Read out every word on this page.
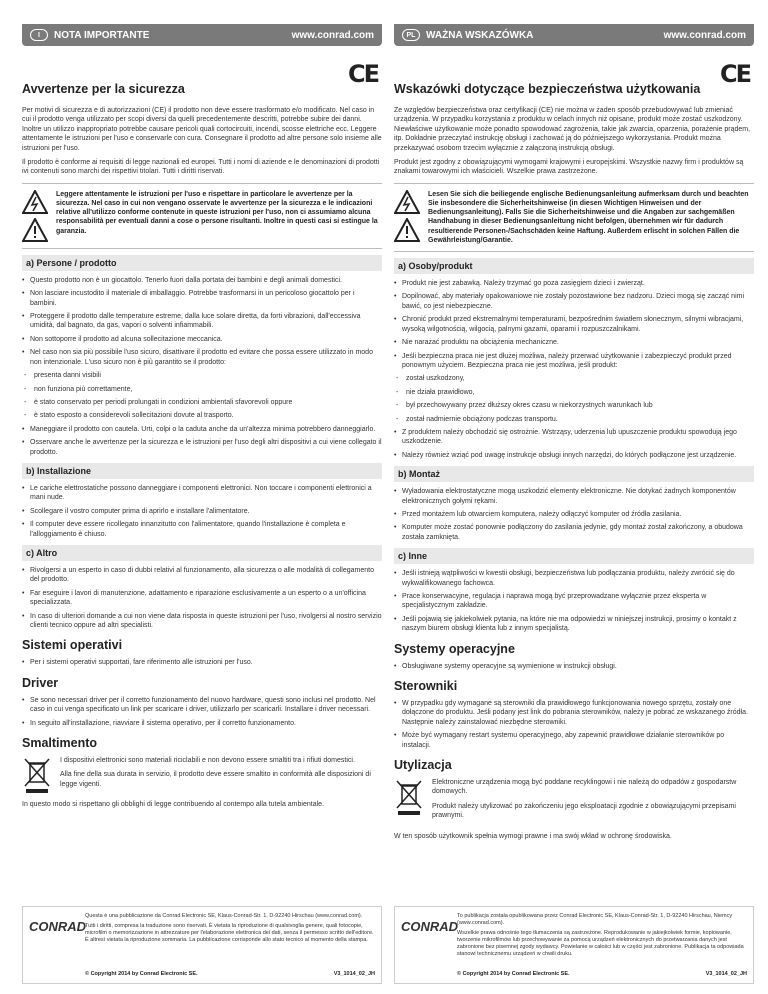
I	NOTA IMPORTANTE	www.conrad.com
CE
Avvertenze per la sicurezza

Per motivi di sicurezza e di autorizzazioni (CE) il prodotto non deve essere trasformato e/o modificato. Nel caso in cui il prodotto venga utilizzato per scopi diversi da quelli precedentemente descritti, potrebbe subire dei danni. Inoltre un utilizzo inappropriato potrebbe causare pericoli quali cortocircuiti, incendi, scosse elettriche ecc. Leggere attentamente le istruzioni per l'uso e conservarle con cura. Consegnare il prodotto ad altre persone solo insieme alle istruzioni per l'uso.

Il prodotto è conforme ai requisiti di legge nazionali ed europei. Tutti i nomi di aziende e le denominazioni di prodotti ivi contenuti sono marchi dei rispettivi titolari. Tutti i diritti riservati.

Leggere attentamente le istruzioni per l'uso e rispettare in particolare le avvertenze per la sicurezza. Nel caso in cui non vengano osservate le avvertenze per la sicurezza e le indicazioni relative all'utilizzo conforme contenute in queste istruzioni per l'uso, non ci assumiamo alcuna responsabilità per eventuali danni a cose o persone risultanti. Inoltre in questi casi si estingue la garanzia.

a) Persone / prodotto
• Questo prodotto non è un giocattolo. Tenerlo fuori dalla portata dei bambini e degli animali domestici.
• Non lasciare incustodito il materiale di imballaggio. Potrebbe trasformarsi in un pericoloso giocattolo per i bambini.
• Proteggere il prodotto dalle temperature estreme, dalla luce solare diretta, da forti vibrazioni, dall'eccessiva umidità, dal bagnato, da gas, vapori o solventi infiammabili.
• Non sottoporre il prodotto ad alcuna sollecitazione meccanica.
• Nel caso non sia più possibile l'uso sicuro, disattivare il prodotto ed evitare che possa essere utilizzato in modo non intenzionale. L'uso sicuro non è più garantito se il prodotto:
- presenta danni visibili
- non funziona più correttamente,
- è stato conservato per periodi prolungati in condizioni ambientali sfavorevoli oppure
- è stato esposto a considerevoli sollecitazioni dovute al trasporto.
• Maneggiare il prodotto con cautela. Urti, colpi o la caduta anche da un'altezza minima potrebbero danneggiarlo.
• Osservare anche le avvertenze per la sicurezza e le istruzioni per l'uso degli altri dispositivi a cui viene collegato il prodotto.
b) Installazione
• Le cariche elettrostatiche possono danneggiare i componenti elettronici. Non toccare i componenti elettronici a mani nude.
• Scollegare il vostro computer prima di aprirlo e installare l'alimentatore.
• Il computer deve essere ricollegato innanzitutto con l'alimentatore, quando l'installazione è completa e l'alloggiamento è chiuso.
c) Altro
• Rivolgersi a un esperto in caso di dubbi relativi al funzionamento, alla sicurezza o alle modalità di collegamento del prodotto.
• Far eseguire i lavori di manutenzione, adattamento e riparazione esclusivamente a un esperto o a un'officina specializzata.
• In caso di ulteriori domande a cui non viene data risposta in queste istruzioni per l'uso, rivolgersi al nostro servizio clienti tecnico oppure ad altri specialisti.
Sistemi operativi
• Per i sistemi operativi supportati, fare riferimento alle istruzioni per l'uso.
Driver
• Se sono necessari driver per il corretto funzionamento del nuovo hardware, questi sono inclusi nel prodotto. Nel caso in cui venga specificato un link per scaricare i driver, utilizzarlo per scaricarli. Installare i driver necessari.
• In seguito all'installazione, riavviare il sistema operativo, per il corretto funzionamento.
Smaltimento

I dispositivi elettronici sono materiali riciclabili e non devono essere smaltiti tra i rifiuti domestici.

Alla fine della sua durata in servizio, il prodotto deve essere smaltito in conformità alle disposizioni di legge vigenti.

In questo modo si rispettano gli obblighi di legge contribuendo al contempo alla tutela ambientale.

CONRAD

Questa è una pubblicazione da Conrad Electronic SE, Klaus-Conrad-Str. 1, D-92240 Hirschau (www.conrad.com).

Tutti i diritti, compresa la traduzione sono riservati. È vietata la riproduzione di qualsivoglia genere, quali fotocopie, microfilm o memorizzazione in attrezzature per l'elaborazione elettronica dei dati, senza il permesso scritto dell'editore. È altresì vietata la riproduzione sommaria. La pubblicazione corrisponde allo stato tecnico al momento della stampa.

© Copyright 2014 by Conrad Electronic SE.	V3_1014_02_JH
PL	WAŻNA WSKAZÓWKA	www.conrad.com
CE
Wskazówki dotyczące bezpieczeństwa użytkowania

Ze względów bezpieczeństwa oraz certyfikacji (CE) nie można w żaden sposób przebudowywać lub zmieniać urządzenia. W przypadku korzystania z produktu w celach innych niż opisane, produkt może zostać uszkodzony. Niewłaściwe użytkowanie może ponadto spowodować zagrożenia, takie jak zwarcia, oparzenia, porażenie prądem, itp. Dokładnie przeczytać instrukcję obsługi i zachować ją do późniejszego wykorzystania. Produkt można przekazywać osobom trzecim wyłącznie z załączoną instrukcją obsługi.

Produkt jest zgodny z obowiązującymi wymogami krajowymi i europejskimi. Wszystkie nazwy firm i produktów są znakami towarowymi ich właścicieli. Wszelkie prawa zastrzeżone.

Lesen Sie sich die beiliegende englische Bedienungsanleitung aufmerksam durch und beachten Sie insbesondere die Sicherheitshinweise (in diesen Wichtigen Hinweisen und der Bedienungsanleitung). Falls Sie die Sicherheitshinweise und die Angaben zur sachgemäßen Handhabung in dieser Bedienungsanleitung nicht befolgen, übernehmen wir für dadurch resultierende Personen-/Sachschäden keine Haftung. Außerdem erlischt in solchen Fällen die Gewährleistung/Garantie.

a) Osoby/produkt
• Produkt nie jest zabawką. Należy trzymać go poza zasięgiem dzieci i zwierząt.
• Dopilnować, aby materiały opakowaniowe nie zostały pozostawione bez nadzoru. Dzieci mogą się zacząć nimi bawić, co jest niebezpieczne.
• Chronić produkt przed ekstremalnymi temperaturami, bezpośrednim światłem słonecznym, silnymi wibracjami, wysoką wilgotnością, wilgocią, palnymi gazami, oparami i rozpuszczalnikami.
• Nie narażać produktu na obciążenia mechaniczne.
• Jeśli bezpieczna praca nie jest dłużej możliwa, należy przerwać użytkowanie i zabezpieczyć produkt przed ponownym użyciem. Bezpieczna praca nie jest możliwa, jeśli produkt:
- został uszkodzony,
- nie działa prawidłowo,
- był przechowywany przez dłuższy okres czasu w niekorzystnych warunkach lub
- został nadmiernie obciążony podczas transportu.
• Z produktem należy obchodzić się ostrożnie. Wstrząsy, uderzenia lub upuszczenie produktu spowodują jego uszkodzenie.
• Należy również wziąć pod uwagę instrukcje obsługi innych narzędzi, do których podłączone jest urządzenie.
b) Montaż
• Wyładowania elektrostatyczne mogą uszkodzić elementy elektroniczne. Nie dotykać żadnych komponentów elektronicznych gołymi rękami.
• Przed montażem lub otwarciem komputera, należy odłączyć komputer od źródła zasilania.
• Komputer może zostać ponownie podłączony do zasilania jedynie, gdy montaż został zakończony, a obudowa została zamknięta.
c) Inne
• Jeśli istnieją wątpliwości w kwestii obsługi, bezpieczeństwa lub podłączania produktu, należy zwrócić się do wykwalifikowanego fachowca.
• Prace konserwacyjne, regulacja i naprawa mogą być przeprowadzane wyłącznie przez eksperta w specjalistycznym zakładzie.
• Jeśli pojawią się jakiekolwiek pytania, na które nie ma odpowiedzi w niniejszej instrukcji, prosimy o kontakt z naszym biurem obsługi klienta lub z innym specjalistą.
Systemy operacyjne
• Obsługiwane systemy operacyjne są wymienione w instrukcji obsługi.
Sterowniki
• W przypadku gdy wymagane są sterowniki dla prawidłowego funkcjonowania nowego sprzętu, zostały one dołączone do produktu. Jeśli podany jest link do pobrania sterowników, należy je pobrać ze wskazanego źródła. Następnie należy zainstalować niezbędne sterowniki.
• Może być wymagany restart systemu operacyjnego, aby zapewnić prawidłowe działanie sterowników po instalacji.
Utylizacja

Elektroniczne urządzenia mogą być poddane recyklingowi i nie należą do odpadów z gospodarstw domowych.

Produkt należy utylizować po zakończeniu jego eksploatacji zgodnie z obowiązującymi przepisami prawnymi.

W ten sposób użytkownik spełnia wymogi prawne i ma swój wkład w ochronę środowiska.

CONRAD

To publikacja została opublikowana przez Conrad Electronic SE, Klaus-Conrad-Str. 1, D-92240 Hirschau, Niemcy (www.conrad.com).

Wszelkie prawa odnośnie tego tłumaczenia są zastrzeżone. Reprodukowanie w jakiejkolwiek formie, kopiowanie, tworzenie mikrofilmów lub przechowywanie za pomocą urządzeń elektronicznych do przetwarzania danych jest zabronione bez pisemnej zgody wydawcy. Powielanie w całości lub w części jest zabronione. Publikacja ta odpowiada stanowi technicznemu urządzeń w chwili druku.

© Copyright 2014 by Conrad Electronic SE.	V3_1014_02_JH
